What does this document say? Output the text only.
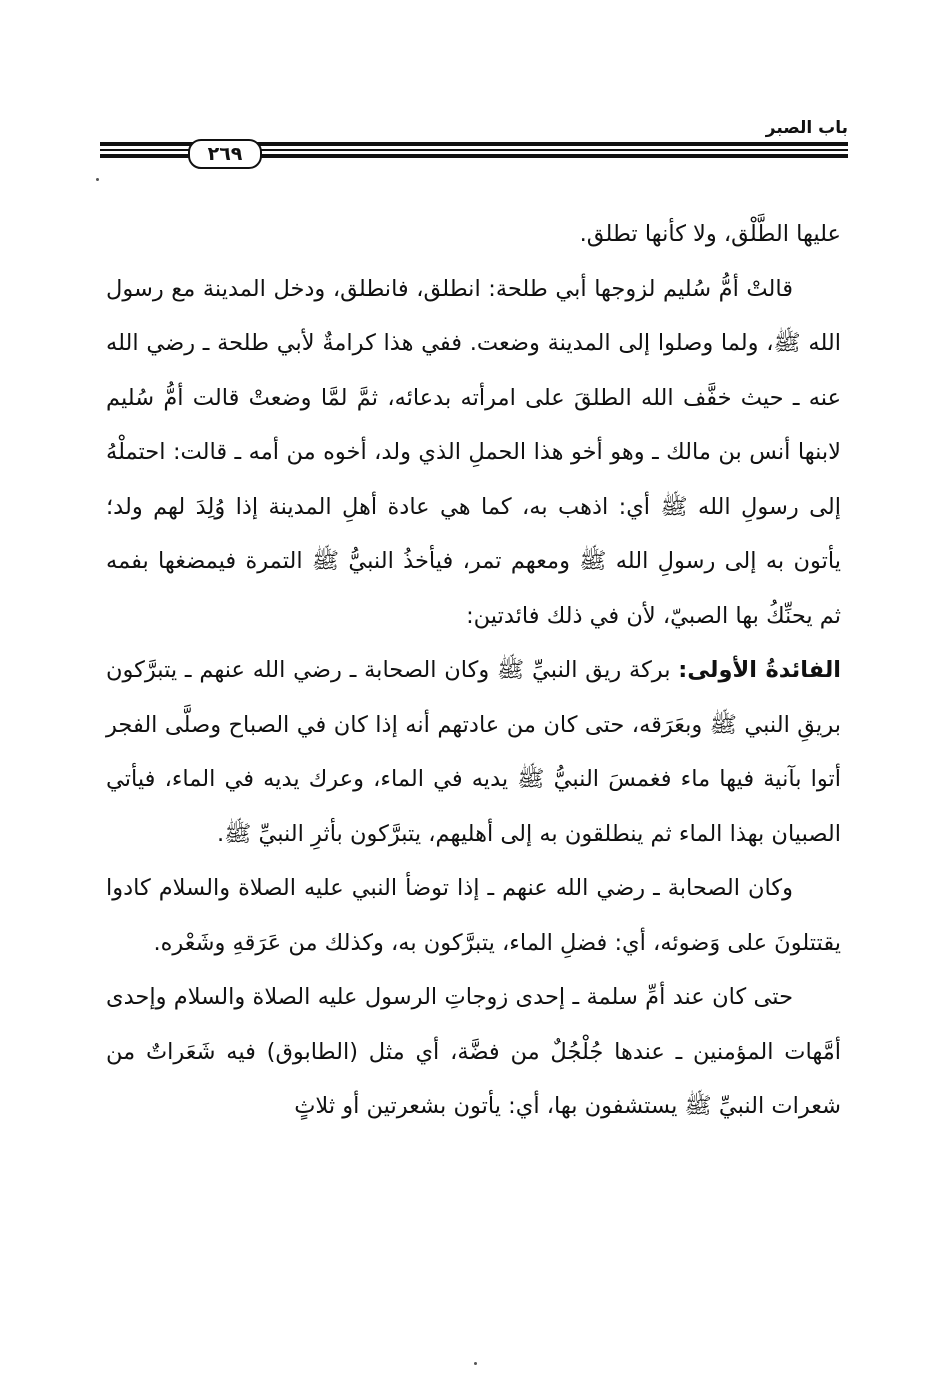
باب الصبر
٢٦٩

عليها الطَّلْق، ولا كأنها تطلق.

قالتْ أمُّ سُليم لزوجها أبي طلحة: انطلق، فانطلق، ودخل المدينة مع رسول الله ﷺ، ولما وصلوا إلى المدينة وضعت. ففي هذا كرامةٌ لأبي طلحة ـ رضي الله عنه ـ حيث خفَّف الله الطلقَ على امرأته بدعائه، ثمَّ لمَّا وضعتْ قالت أمُّ سُليم لابنها أنس بن مالك ـ وهو أخو هذا الحملِ الذي ولد، أخوه من أمه ـ قالت: احتملْهُ إلى رسولِ الله ﷺ أي: اذهب به، كما هي عادة أهلِ المدينة إذا وُلِدَ لهم ولد؛ يأتون به إلى رسولِ الله ﷺ ومعهم تمر، فيأخذُ النبيُّ ﷺ التمرة فيمضغها بفمه ثم يحنِّكُ بها الصبيّ، لأن في ذلك فائدتين:

الفائدةُ الأولى: بركة ريق النبيِّ ﷺ وكان الصحابة ـ رضي الله عنهم ـ يتبرَّكون بريقِ النبي ﷺ وبعَرَقه، حتى كان من عادتهم أنه إذا كان في الصباح وصلَّى الفجر أتوا بآنية فيها ماء فغمسَ النبيُّ ﷺ يديه في الماء، وعرك يديه في الماء، فيأتي الصبيان بهذا الماء ثم ينطلقون به إلى أهليهم، يتبرَّكون بأثرِ النبيِّ ﷺ.

وكان الصحابة ـ رضي الله عنهم ـ إذا توضأ النبي عليه الصلاة والسلام كادوا يقتتلونَ على وَضوئه، أي: فضلِ الماء، يتبرَّكون به، وكذلك من عَرَقهِ وشَعْره.

حتى كان عند أمِّ سلمة ـ إحدى زوجاتِ الرسول عليه الصلاة والسلام وإحدى أمَّهات المؤمنين ـ عندها جُلْجُلٌ من فضَّة، أي مثل (الطابوق) فيه شَعَراتٌ من شعرات النبيِّ ﷺ يستشفون بها، أي: يأتون بشعرتين أو ثلاثٍ
